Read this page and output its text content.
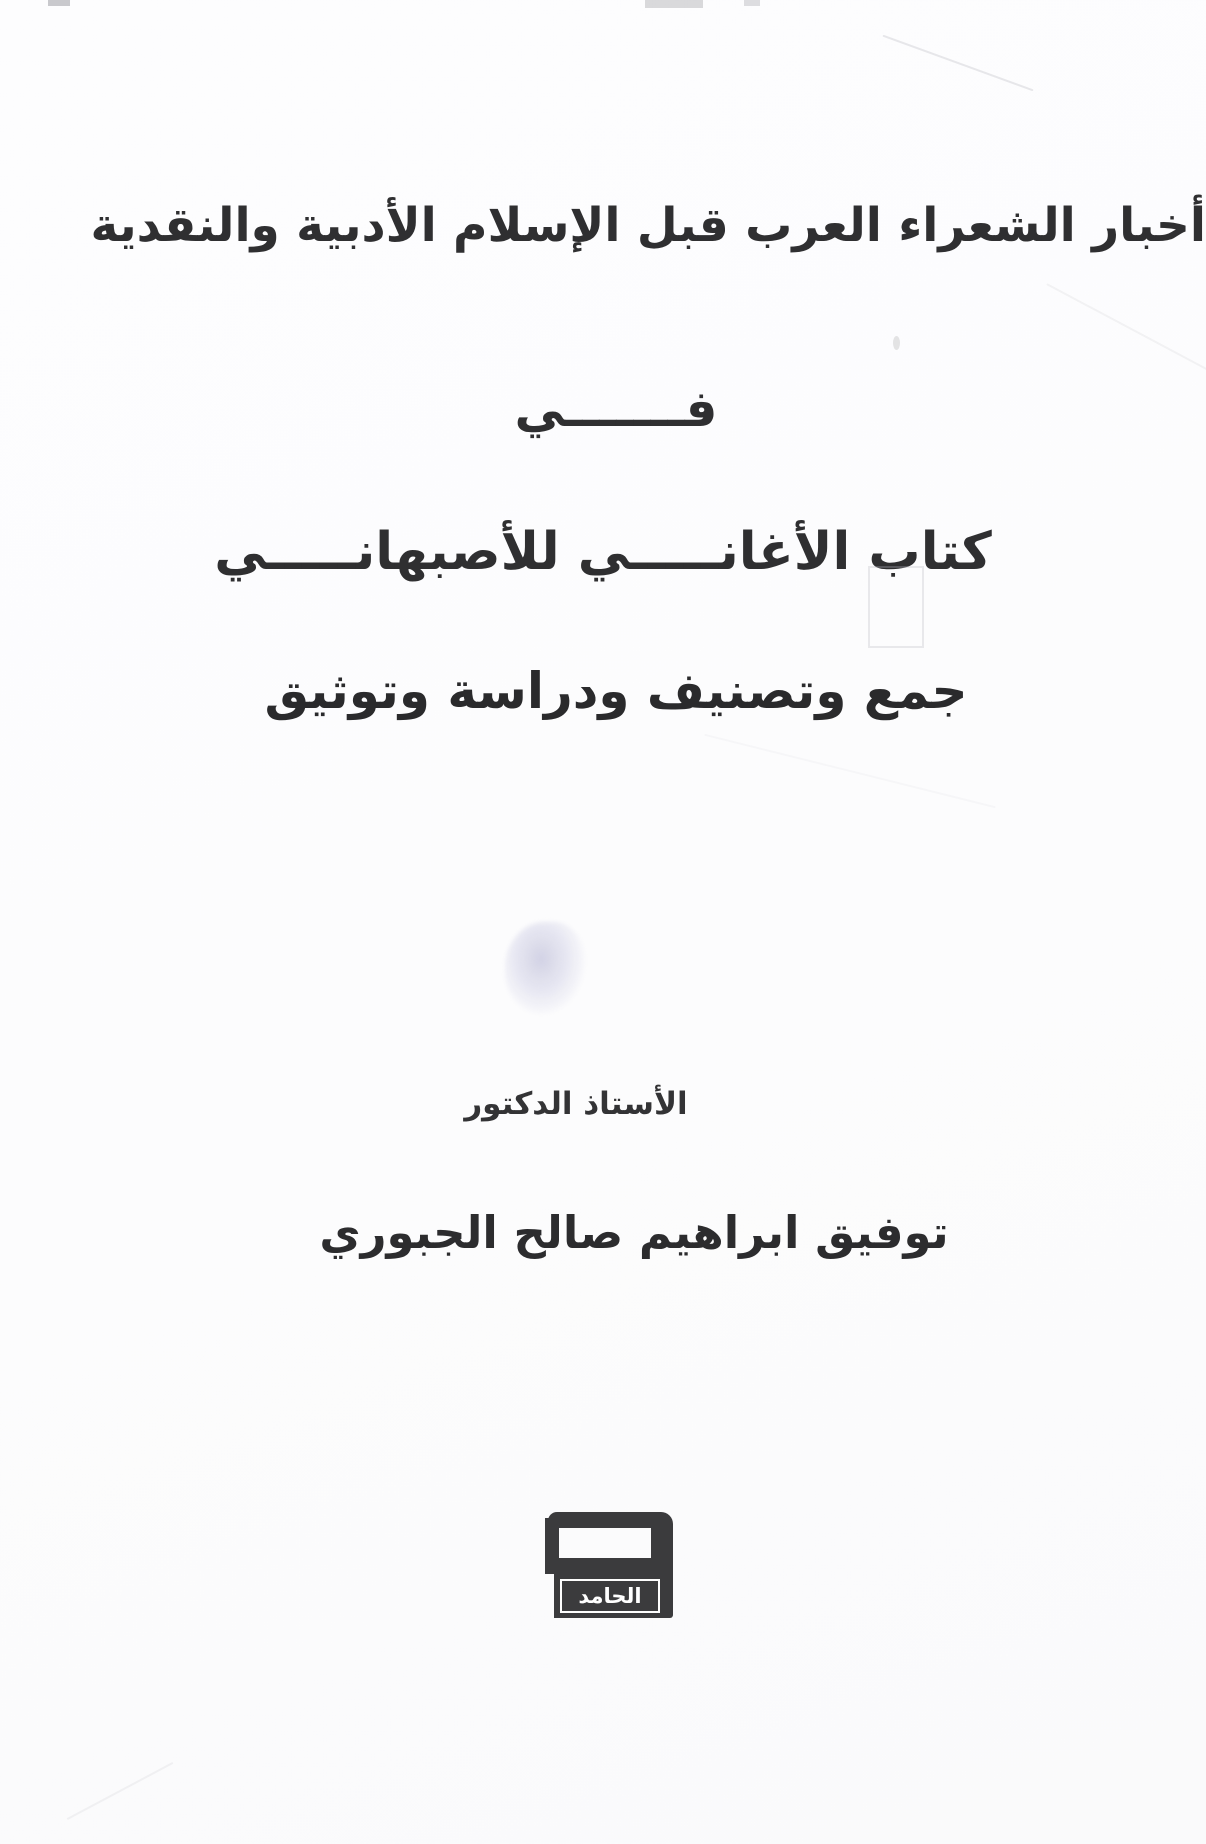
أخبار الشعراء العرب قبل الإسلام الأدبية والنقدية
فـــــــي
كتاب الأغانـــــي للأصبهانـــــي
جمع وتصنيف ودراسة وتوثيق
الأستاذ الدكتور
توفيق ابراهيم صالح الجبوري
الحامد
